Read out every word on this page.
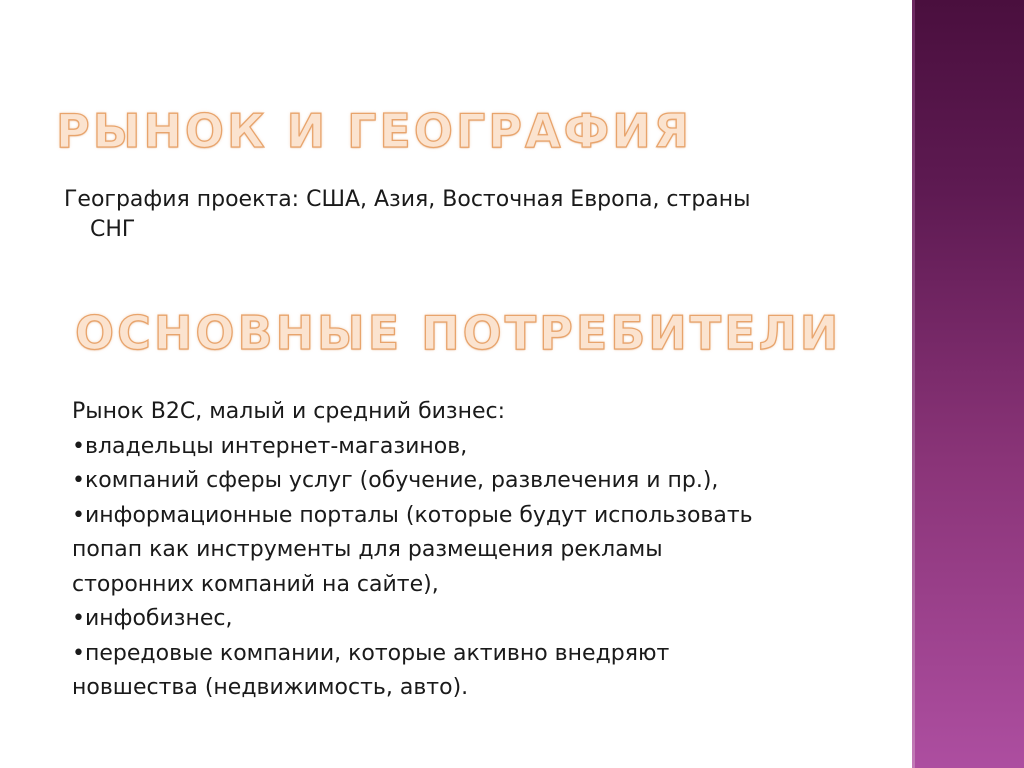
РЫНОК И ГЕОГРАФИЯ
География проекта: США, Азия, Восточная Европа, страны
СНГ
ОСНОВНЫЕ ПОТРЕБИТЕЛИ
Рынок B2C, малый и средний бизнес:
•владельцы интернет-магазинов,
•компаний сферы услуг (обучение, развлечения и пр.),
•информационные порталы (которые будут использовать
попап как инструменты для размещения рекламы
сторонних компаний на сайте),
•инфобизнес,
•передовые компании, которые активно внедряют
новшества (недвижимость, авто).
